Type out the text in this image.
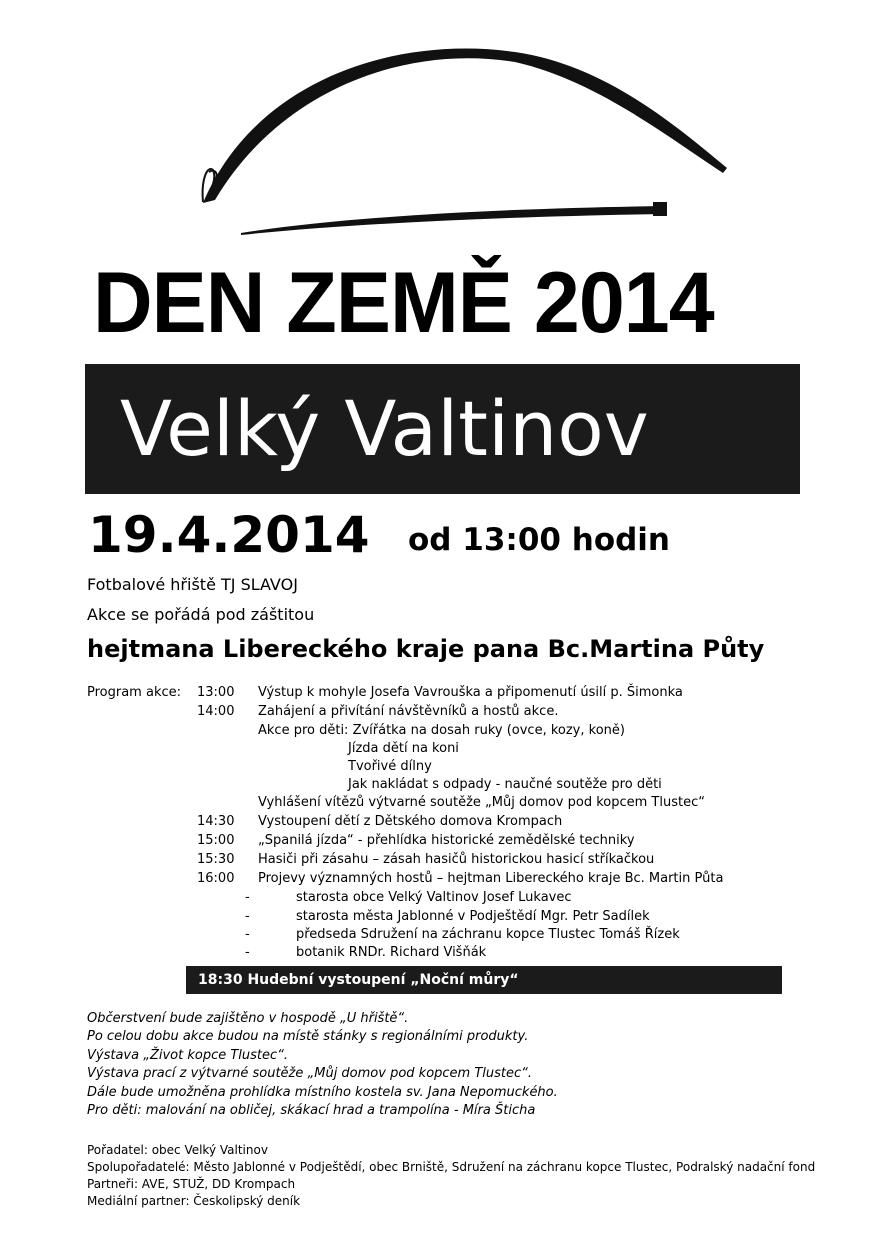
DEN ZEMĚ 2014
Velký Valtinov
19.4.2014 od 13:00 hodin
Fotbalové hřiště TJ SLAVOJ
Akce se pořádá pod záštitou
hejtmana Libereckého kraje pana Bc.Martina Půty
Program akce: 13:00 Výstup k mohyle Josefa Vavrouška a připomenutí úsilí p. Šimonka
14:00 Zahájení a přivítání návštěvníků a hostů akce.
Akce pro děti: Zvířátka na dosah ruky (ovce, kozy, koně)
Jízda dětí na koni
Tvořivé dílny
Jak nakládat s odpady - naučné soutěže pro děti
Vyhlášení vítězů výtvarné soutěže „Můj domov pod kopcem Tlustec“
14:30 Vystoupení dětí z Dětského domova Krompach
15:00 „Spanilá jízda“ - přehlídka historické zemědělské techniky
15:30 Hasiči při zásahu – zásah hasičů historickou hasicí stříkačkou
16:00 Projevy významných hostů – hejtman Libereckého kraje Bc. Martin Půta
-	starosta obce Velký Valtinov Josef Lukavec
-	starosta města Jablonné v Podještědí Mgr. Petr Sadílek
-	předseda Sdružení na záchranu kopce Tlustec Tomáš Řízek
-	botanik RNDr. Richard Višňák
18:30 Hudební vystoupení „Noční můry“
Občerstvení bude zajištěno v hospodě „U hřiště“.
Po celou dobu akce budou na místě stánky s regionálními produkty.
Výstava „Život kopce Tlustec“.
Výstava prací z výtvarné soutěže „Můj domov pod kopcem Tlustec“.
Dále bude umožněna prohlídka místního kostela sv. Jana Nepomuckého.
Pro děti: malování na obličej, skákací hrad a trampolína - Míra Šticha
Pořadatel: obec Velký Valtinov
Spolupořadatelé: Město Jablonné v Podještědí, obec Brniště, Sdružení na záchranu kopce Tlustec, Podralský nadační fond
Partneři: AVE, STUŽ, DD Krompach
Mediální partner: Českolipský deník
